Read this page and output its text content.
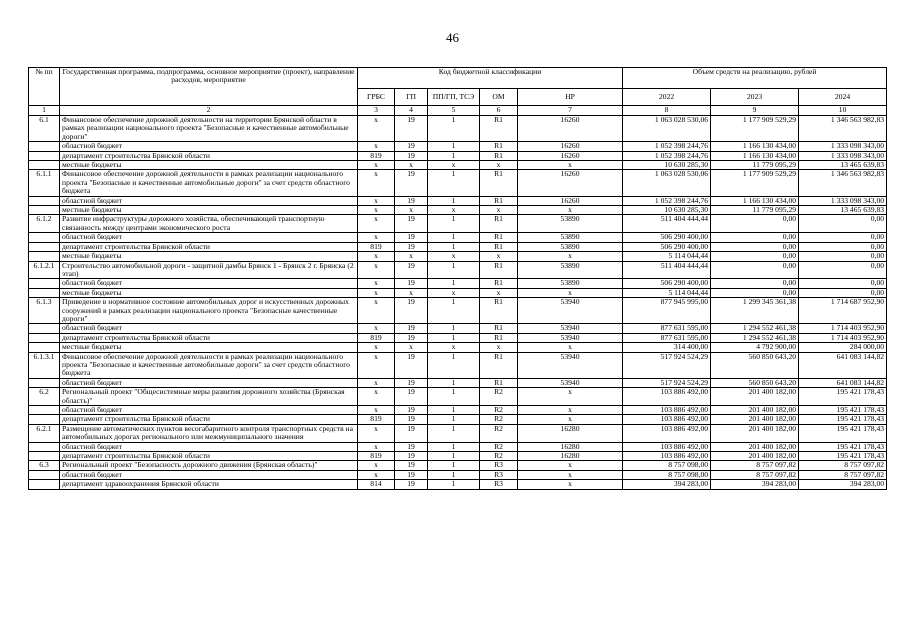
46
№ пп	Государственная программа, подпрограмма, основное мероприятие (проект), направление расходов, мероприятие	Код бюджетной классификации					Объем средств на реализацию, рублей		
		ГРБС	ГП	ПП/ГП, ТСЭ	ОМ	НР	2022	2023	2024
1	2	3	4	5	6	7	8	9	10
6.1	Финансовое обеспечение дорожной деятельности на территории Брянской области в рамках реализации национального проекта "Безопасные и качественные автомобильные дороги"	х	19	1	R1	16260	1 063 028 530,06	1 177 909 529,29	1 346 563 982,83
	областной бюджет	х	19	1	R1	16260	1 052 398 244,76	1 166 130 434,00	1 333 098 343,00
	департамент строительства Брянской области	819	19	1	R1	16260	1 052 398 244,76	1 166 130 434,00	1 333 098 343,00
	местные бюджеты	х	х	х	х	х	10 630 285,30	11 779 095,29	13 465 639,83
6.1.1	Финансовое обеспечение дорожной деятельности в рамках реализации национального проекта "Безопасные и качественные автомобильные дороги" за счет средств областного бюджета	х	19	1	R1	16260	1 063 028 530,06	1 177 909 529,29	1 346 563 982,83
	областной бюджет	х	19	1	R1	16260	1 052 398 244,76	1 166 130 434,00	1 333 098 343,00
	местные бюджеты	х	х	х	х	х	10 630 285,30	11 779 095,29	13 465 639,83
6.1.2	Развитие инфраструктуры дорожного хозяйства, обеспечивающей транспортную связанность между центрами экономического роста	х	19	1	R1	53890	511 404 444,44	0,00	0,00
	областной бюджет	х	19	1	R1	53890	506 290 400,00	0,00	0,00
	департамент строительства Брянской области	819	19	1	R1	53890	506 290 400,00	0,00	0,00
	местные бюджеты	х	х	х	х	х	5 114 044,44	0,00	0,00
6.1.2.1	Строительство автомобильной дороги - защитной дамбы Брянск 1 - Брянск 2 г. Брянска (2 этап)	х	19	1	R1	53890	511 404 444,44	0,00	0,00
	областной бюджет	х	19	1	R1	53890	506 290 400,00	0,00	0,00
	местные бюджеты	х	х	х	х	х	5 114 044,44	0,00	0,00
6.1.3	Приведение в нормативное состояние автомобильных дорог и искусственных дорожных сооружений в рамках реализации национального проекта "Безопасные качественные дороги"	х	19	1	R1	53940	877 945 995,00	1 299 345 361,38	1 714 687 952,90
	областной бюджет	х	19	1	R1	53940	877 631 595,00	1 294 552 461,38	1 714 403 952,90
	департамент строительства Брянской области	819	19	1	R1	53940	877 631 595,00	1 294 552 461,38	1 714 403 952,90
	местные бюджеты	х	х	х	х	х	314 400,00	4 792 900,00	284 000,00
6.1.3.1	Финансовое обеспечение дорожной деятельности в рамках реализации национального проекта "Безопасные и качественные автомобильные дороги" за счет средств областного бюджета	х	19	1	R1	53940	517 924 524,29	560 850 643,20	641 083 144,82
	областной бюджет	х	19	1	R1	53940	517 924 524,29	560 850 643,20	641 083 144,82
6.2	Региональный проект "Общесистемные меры развития дорожного хозяйства (Брянская область)"	х	19	1	R2	х	103 886 492,00	201 400 182,00	195 421 178,43
	областной бюджет	х	19	1	R2	х	103 886 492,00	201 400 182,00	195 421 178,43
	департамент строительства Брянской области	819	19	1	R2	х	103 886 492,00	201 400 182,00	195 421 178,43
6.2.1	Размещение автоматических пунктов весогабаритного контроля транспортных средств на автомобильных дорогах регионального или межмуниципального значения	х	19	1	R2	16280	103 886 492,00	201 400 182,00	195 421 178,43
	областной бюджет	х	19	1	R2	16280	103 886 492,00	201 400 182,00	195 421 178,43
	департамент строительства Брянской области	819	19	1	R2	16280	103 886 492,00	201 400 182,00	195 421 178,43
6.3	Региональный проект "Безопасность дорожного движения (Брянская область)"	х	19	1	R3	х	8 757 098,00	8 757 097,82	8 757 097,82
	областной бюджет	х	19	1	R3	х	8 757 098,00	8 757 097,82	8 757 097,82
	департамент здравоохранения Брянской области	814	19	1	R3	х	394 283,00	394 283,00	394 283,00
